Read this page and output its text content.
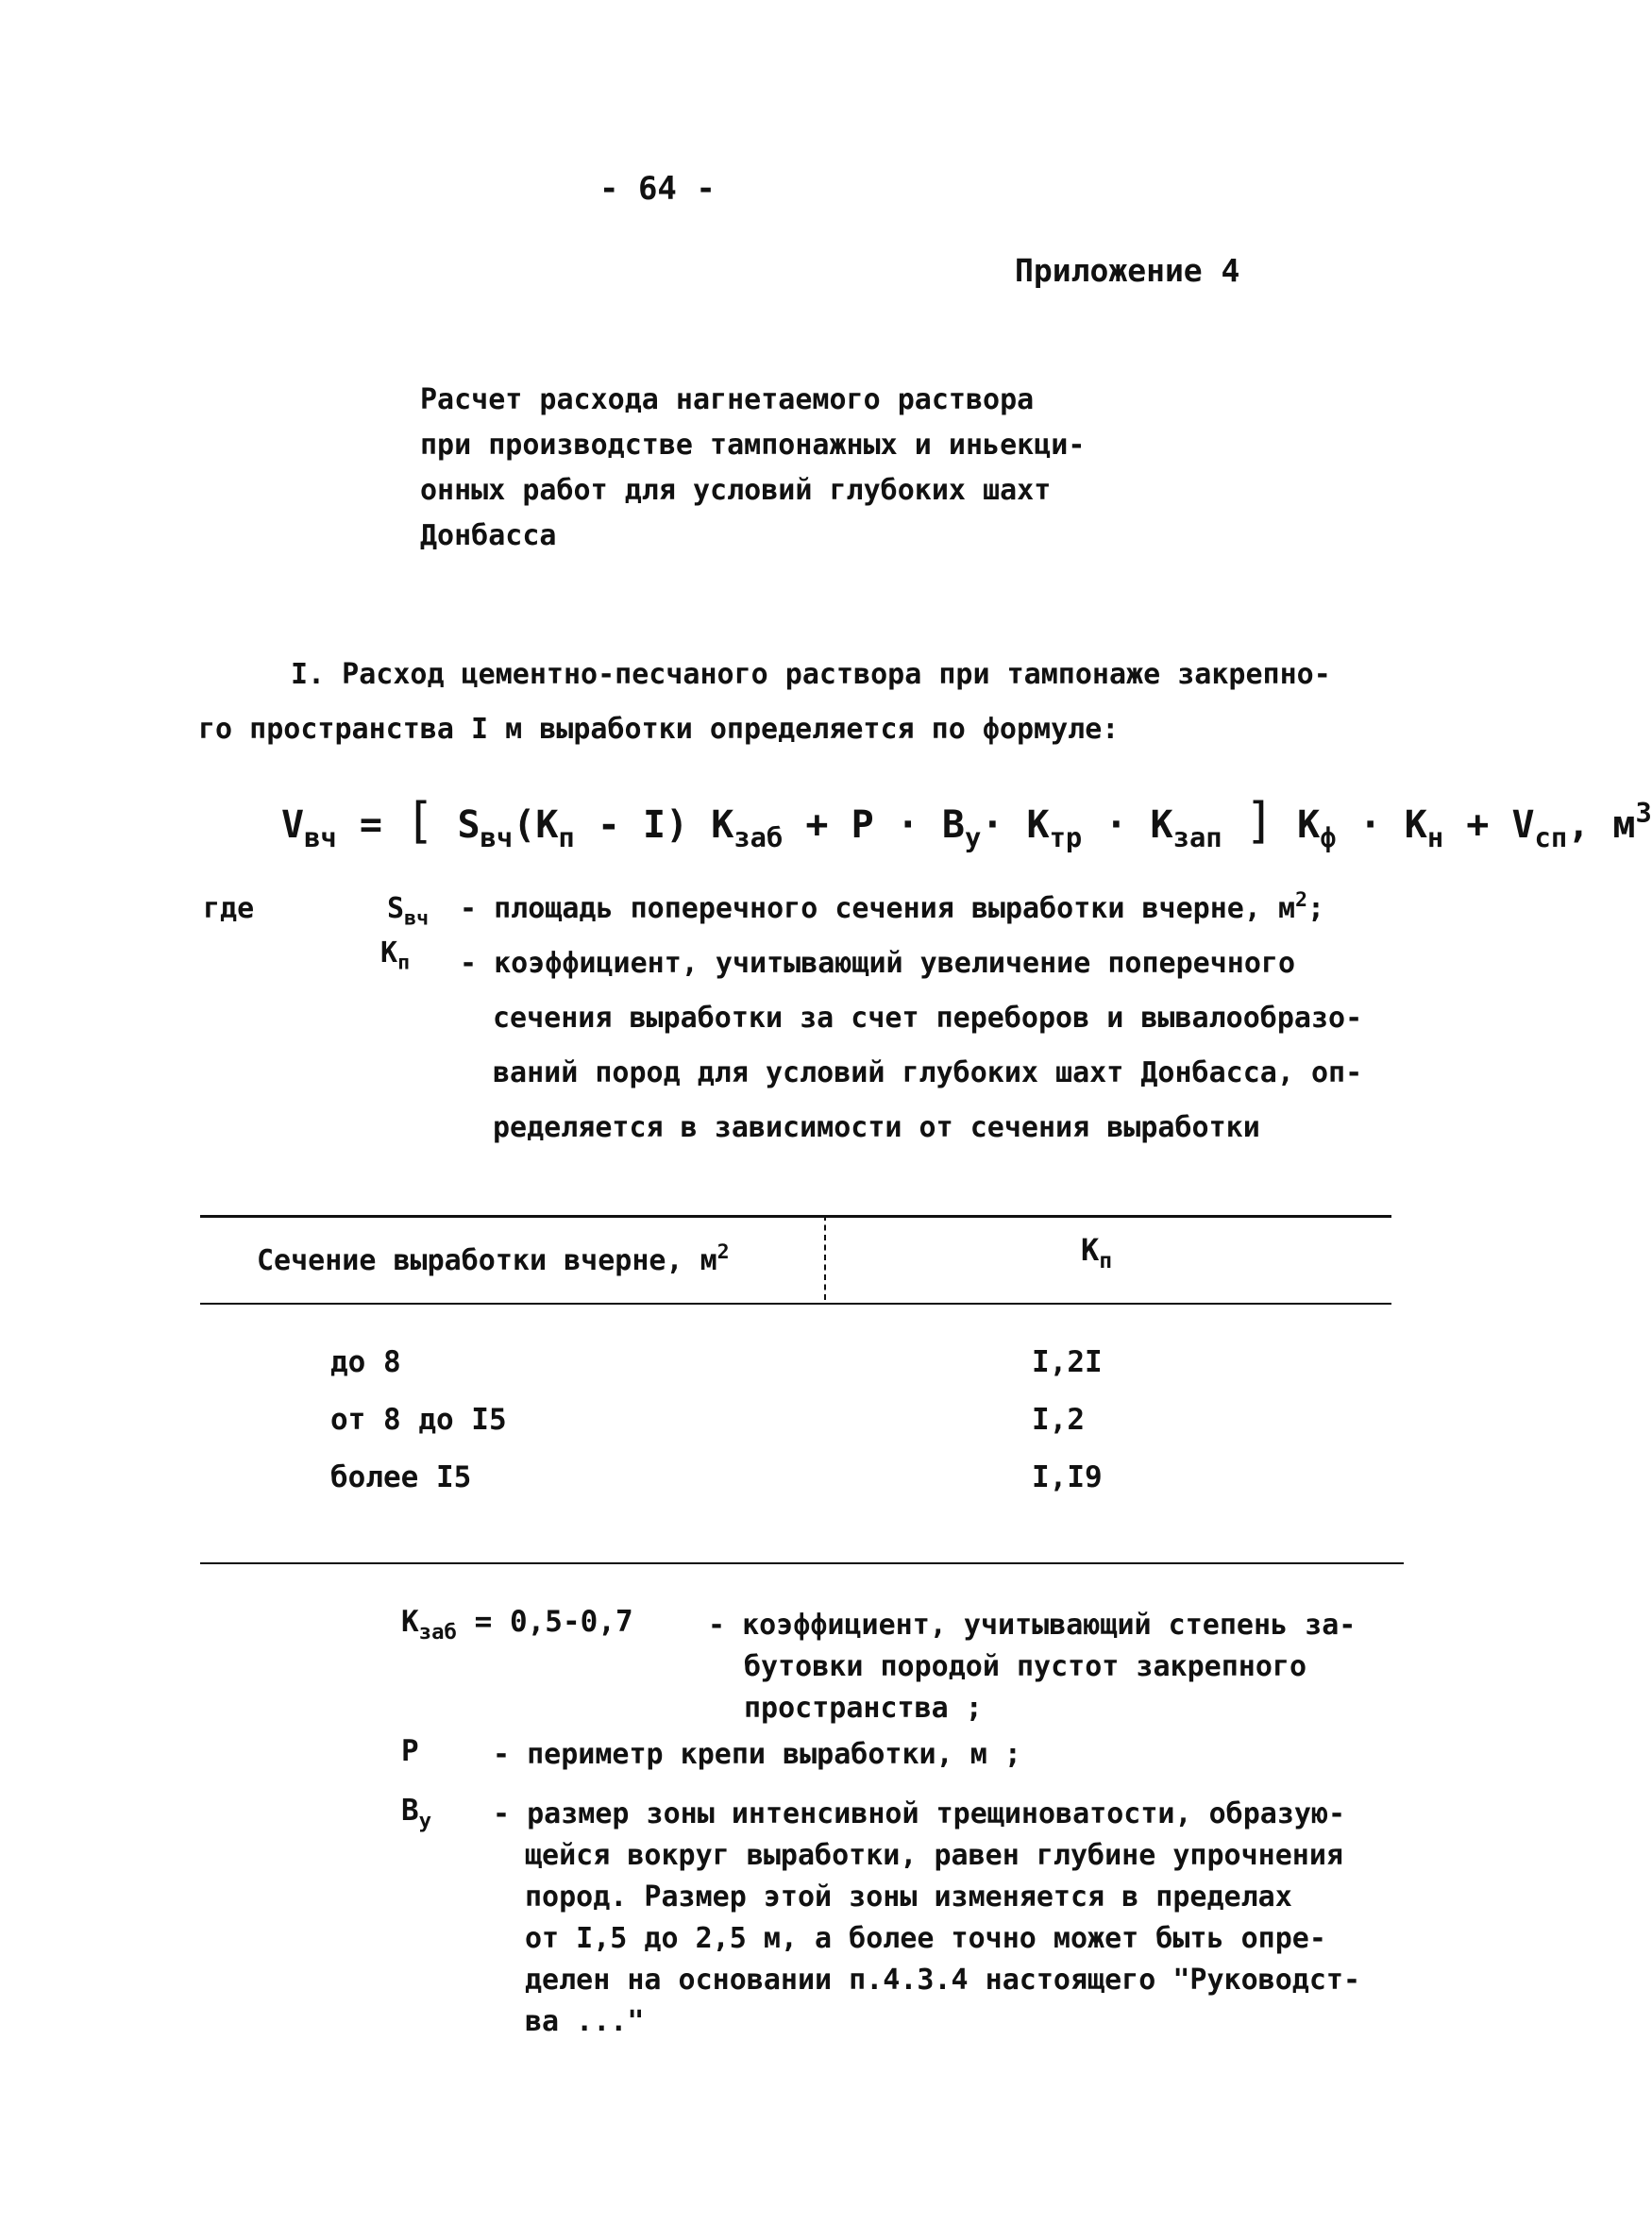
- 64 -
Приложение 4
Расчет расхода нагнетаемого раствора
при производстве тампонажных и иньекци-
онных работ для условий глубоких шахт
Донбасса
I. Расход цементно-песчаного раствора при тампонаже закрепно-
го пространства I м выработки определяется по формуле:
$V_{вч}$ = [ $S_{вч}(К_п - I) К_{заб} + P \cdot B_у\cdot К_{тр} \cdot К_{зап}$ ] $К_ф \cdot К_н + V_{сп}$, $м^3$
где	$S_{вч}$ - площадь поперечного сечения выработки вчерне, $м^2$;
$К_п$ - коэффициент, учитывающий увеличение поперечного
сечения выработки за счет переборов и вывалообразо-
ваний пород для условий глубоких шахт Донбасса, оп-
ределяется в зависимости от сечения выработки
Сечение выработки вчерне, $м^2$	$К_п$
до 8	I,2I
от 8 до I5	I,2
более I5	I,I9
$К_{заб} = 0,5-0,7$	- коэффициент, учитывающий степень за-
бутовки породой пустот закрепного
пространства ;
Р	- периметр крепи выработки, м ;
$В_у$ - размер зоны интенсивной трещиноватости, образую-
щейся вокруг выработки, равен глубине упрочнения
пород. Размер этой зоны изменяется в пределах
от I,5 до 2,5 м, а более точно может быть опре-
делен на основании п.4.3.4 настоящего "Руководст-
ва ..."
